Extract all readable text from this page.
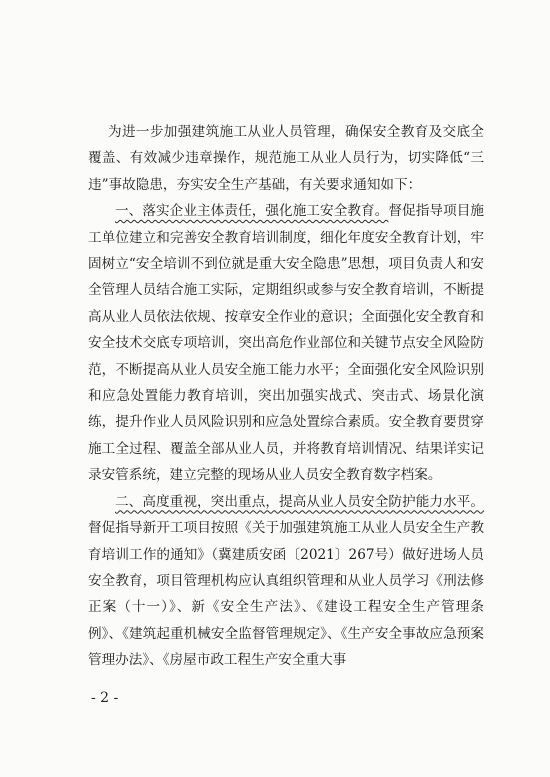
为进一步加强建筑施工从业人员管理，确保安全教育及交底全覆盖、有效减少违章操作，规范施工从业人员行为，切实降低“三违”事故隐患，夯实安全生产基础，有关要求通知如下：

一、落实企业主体责任，强化施工安全教育。督促指导项目施工单位建立和完善安全教育培训制度，细化年度安全教育计划，牢固树立“安全培训不到位就是重大安全隐患”思想，项目负责人和安全管理人员结合施工实际，定期组织或参与安全教育培训，不断提高从业人员依法依规、按章安全作业的意识；全面强化安全教育和安全技术交底专项培训，突出高危作业部位和关键节点安全风险防范，不断提高从业人员安全施工能力水平；全面强化安全风险识别和应急处置能力教育培训，突出加强实战式、突击式、场景化演练，提升作业人员风险识别和应急处置综合素质。安全教育要贯穿施工全过程、覆盖全部从业人员，并将教育培训情况、结果详实记录安管系统，建立完整的现场从业人员安全教育数字档案。

二、高度重视，突出重点，提高从业人员安全防护能力水平。督促指导新开工项目按照《关于加强建筑施工从业人员安全生产教育培训工作的通知》（冀建质安函〔2021〕267号）做好进场人员安全教育，项目管理机构应认真组织管理和从业人员学习《刑法修正案（十一）》、新《安全生产法》、《建设工程安全生产管理条例》、《建筑起重机械安全监督管理规定》、《生产安全事故应急预案管理办法》、《房屋市政工程生产安全重大事

- 2 -
